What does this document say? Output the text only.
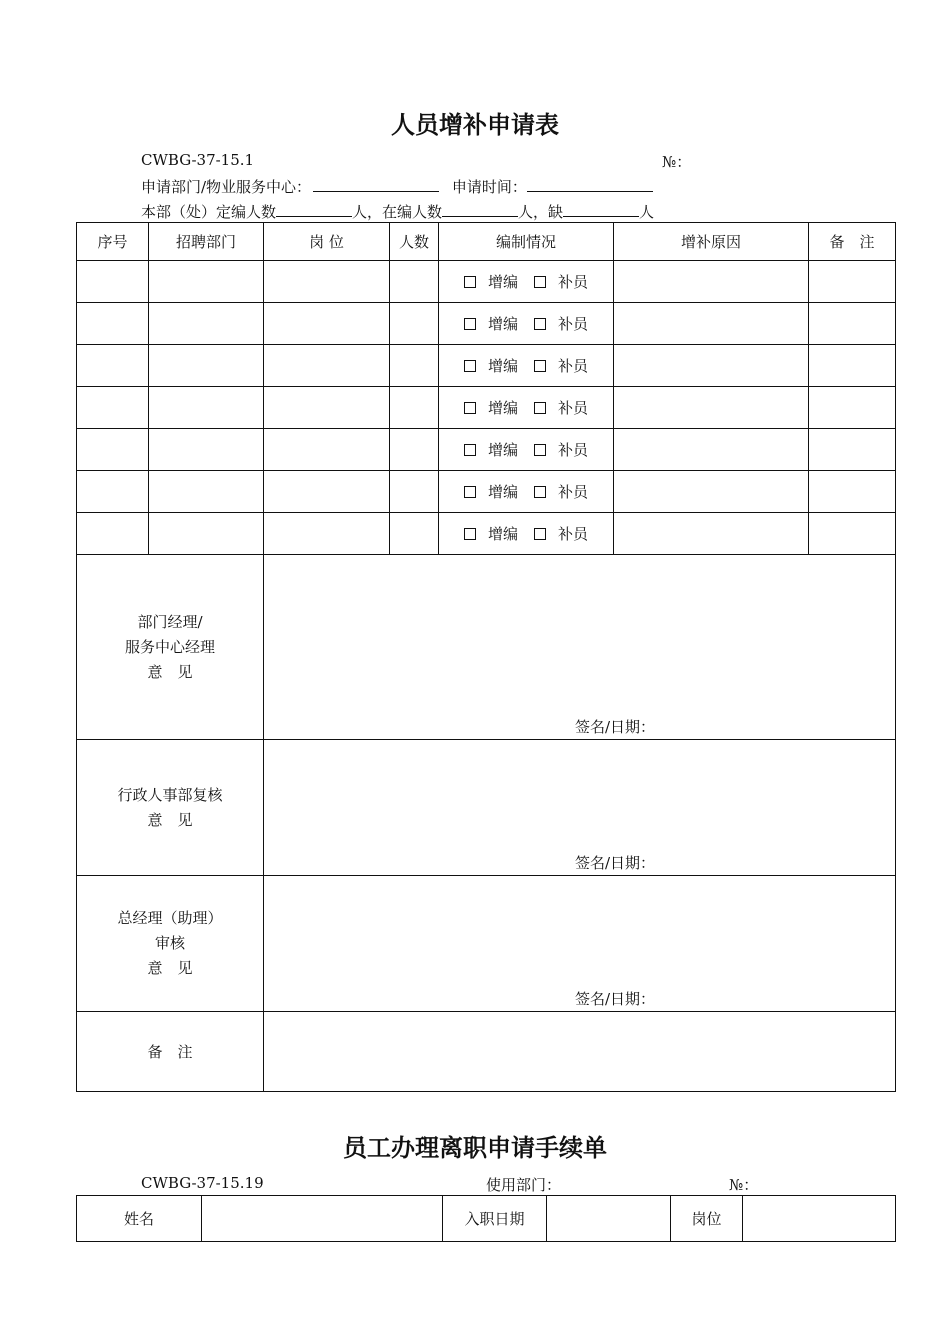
人员增补申请表
CWBG-37-15.1	№：
申请部门/物业服务中心：	申请时间：
本部（处）定编人数	人，在编人数	人，缺	人
序号	招聘部门	岗 位	人数	编制情况	增补原因	备　注
				增编 补员		
				增编 补员		
				增编 补员		
				增编 补员		
				增编 补员		
				增编 补员		
				增编 补员		

部门经理/
服务中心经理
意　见		签名/日期：				

行政人事部复核
意　见		签名/日期：				

总经理（助理）
审核
意　见		签名/日期：				

备　注						
员工办理离职申请手续单
CWBG-37-15.19	使用部门：	№：
姓名		入职日期		岗位	
